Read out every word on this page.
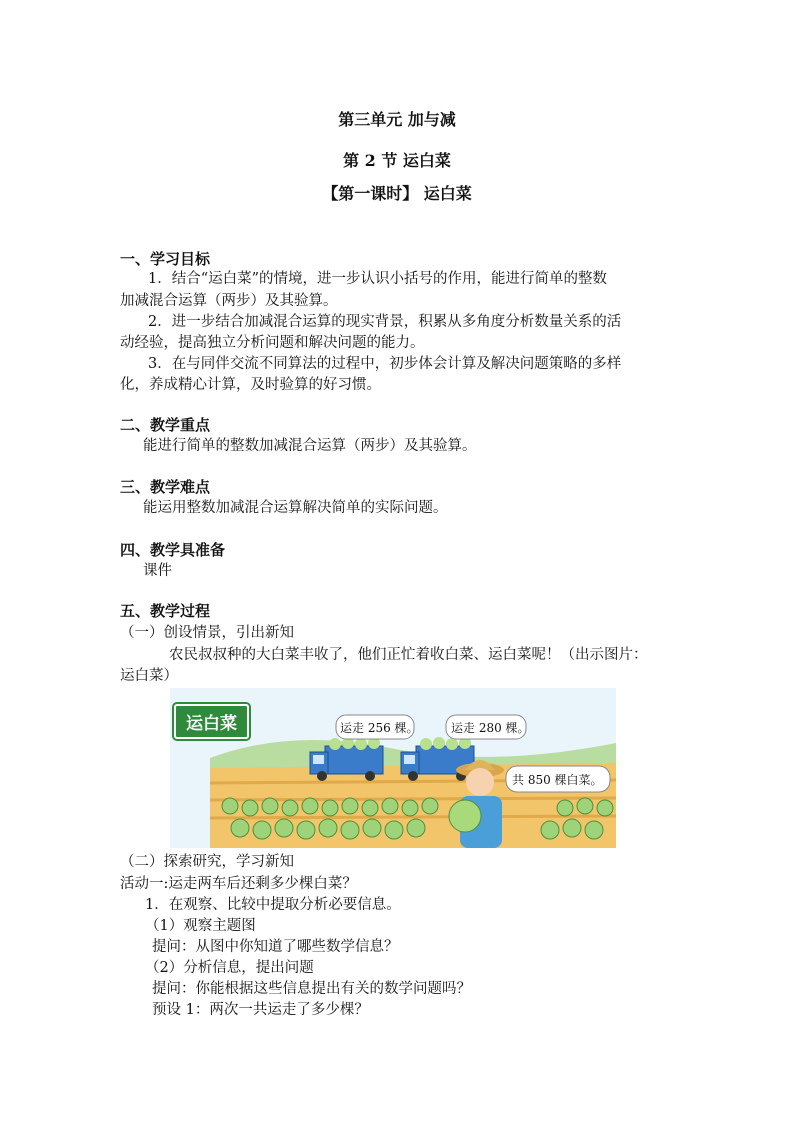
第三单元 加与减
第 2 节 运白菜
【第一课时】 运白菜
一、学习目标
1．结合“运白菜”的情境，进一步认识小括号的作用，能进行简单的整数
加减混合运算（两步）及其验算。
2．进一步结合加减混合运算的现实背景，积累从多角度分析数量关系的活
动经验，提高独立分析问题和解决问题的能力。
3．在与同伴交流不同算法的过程中，初步体会计算及解决问题策略的多样
化，养成精心计算，及时验算的好习惯。
二、教学重点
能进行简单的整数加减混合运算（两步）及其验算。
三、教学难点
能运用整数加减混合运算解决简单的实际问题。
四、教学具准备
课件
五、教学过程
（一）创设情景，引出新知
农民叔叔种的大白菜丰收了，他们正忙着收白菜、运白菜呢！（出示图片：
运白菜）
运白菜	运走 256 棵。	运走 280 棵。
共 850 棵白菜。
（二）探索研究，学习新知
活动一:运走两车后还剩多少棵白菜？
1．在观察、比较中提取分析必要信息。
（1）观察主题图
提问：从图中你知道了哪些数学信息？
（2）分析信息，提出问题
提问：你能根据这些信息提出有关的数学问题吗？
预设 1：两次一共运走了多少棵？
